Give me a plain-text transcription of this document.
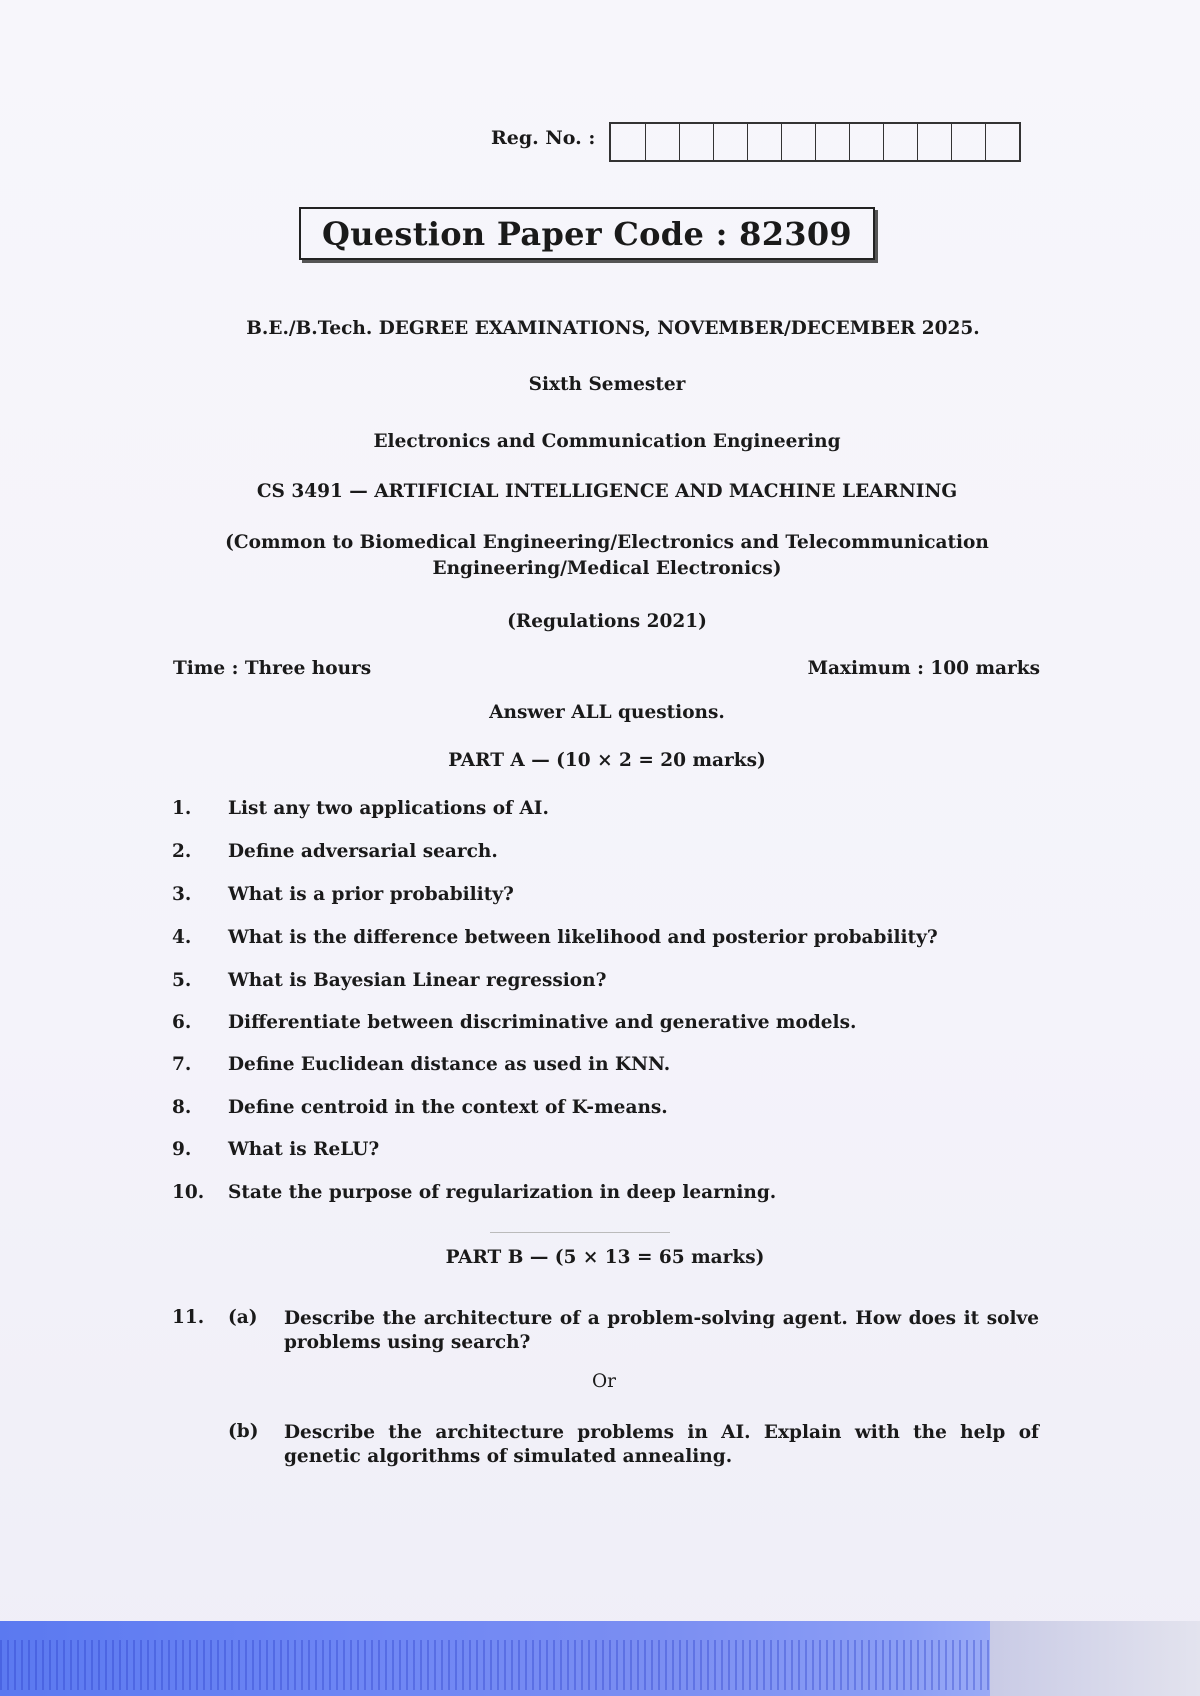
Reg. No. :
Question Paper Code : 82309
B.E./B.Tech. DEGREE EXAMINATIONS, NOVEMBER/DECEMBER 2025.
Sixth Semester
Electronics and Communication Engineering
CS 3491 — ARTIFICIAL INTELLIGENCE AND MACHINE LEARNING
(Common to Biomedical Engineering/Electronics and Telecommunication
Engineering/Medical Electronics)
(Regulations 2021)
Time : Three hours	Maximum : 100 marks
Answer ALL questions.
PART A — (10 × 2 = 20 marks)
1.	List any two applications of AI.
2.	Define adversarial search.
3.	What is a prior probability?
4.	What is the difference between likelihood and posterior probability?
5.	What is Bayesian Linear regression?
6.	Differentiate between discriminative and generative models.
7.	Define Euclidean distance as used in KNN.
8.	Define centroid in the context of K-means.
9.	What is ReLU?
10.	State the purpose of regularization in deep learning.
PART B — (5 × 13 = 65 marks)
11.	(a)	Describe the architecture of a problem-solving agent. How does it solve problems using search?
Or
(b)	Describe the architecture problems in AI. Explain with the help of genetic algorithms of simulated annealing.
